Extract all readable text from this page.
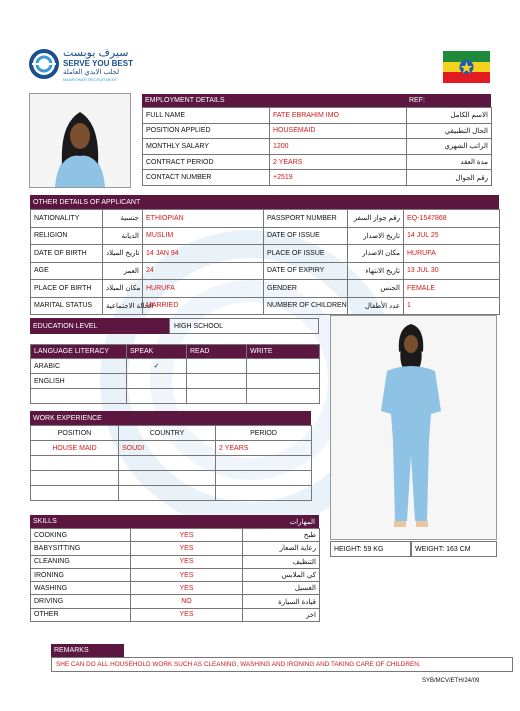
سيرف يوبست
SERVE YOU BEST
لجلب الايدي العاملة
MANPOWER RECRUITMENT
EMPLOYMENT DETAILS	REF:
FULL NAME	FATE EBRAHIM IMO	الاسم الكامل
POSITION APPLIED	HOUSEMAID	الحال التطبيقي
MONTHLY SALARY	1200	الراتب الشهري
CONTRACT PERIOD	2 YEARS	مدة العقد
CONTACT NUMBER	+2519	رقم الجوال
OTHER DETAILS OF APPLICANT
NATIONALITY	جنسية	ETHIOPIAN	PASSPORT NUMBER	رقم جواز السفر	EQ-1547868
RELIGION	الديانة	MUSLIM	DATE OF ISSUE	تاريخ الاصدار	14 JUL 25
DATE OF BIRTH	تاريخ الميلاد	14 JAN 94	PLACE OF ISSUE	مكان الاصدار	HURUFA
AGE	العمر	24	DATE OF EXPIRY	تاريخ الانتهاء	13 JUL 30
PLACE OF BIRTH	مكان الميلاد	HURUFA	GENDER	الجنس	FEMALE
MARITAL STATUS	الحالة الاجتماعية	MARRIED	NUMBER OF CHILDREN	عدد الأطفال	1
EDUCATION LEVEL	HIGH SCHOOL
LANGUAGE LITERACY	SPEAK	READ	WRITE
ARABIC	✓		
ENGLISH			

WORK EXPERIENCE
POSITION	COUNTRY	PERIOD
HOUSE MAID	SOUDI	2 YEARS

SKILLS	المهارات
COOKING	YES	طبخ
BABYSITTING	YES	رعاية الصغار
CLEANING	YES	التنظيف
IRONING	YES	كي الملابس
WASHING	YES	الغسيل
DRIVING	NO	قيادة السيارة
OTHER	YES	اخر
HEIGHT: 59 KG	WEIGHT: 163 CM
REMARKS
SHE CAN DO ALL HOUSEHOLD WORK SUCH AS CLEANING, WASHING AND IRONING AND TAKING CARE OF CHILDREN.
SYB/MCV/ETH/24/09
